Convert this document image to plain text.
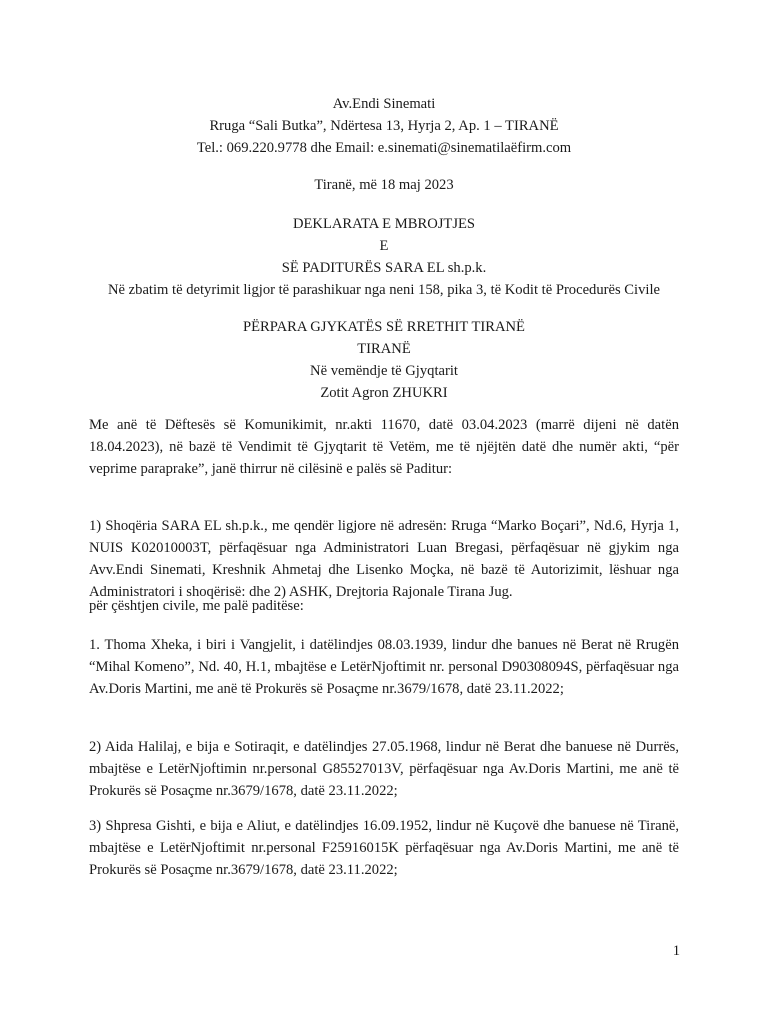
Av.Endi Sinemati
Rruga “Sali Butka”, Ndërtesa 13, Hyrja 2, Ap. 1 – TIRANË
Tel.: 069.220.9778 dhe Email: e.sinemati@sinematilaëfirm.com
Tiranë, më 18 maj 2023
DEKLARATA E MBROJTJES
E
SË PADITURËS SARA EL sh.p.k.
Në zbatim të detyrimit ligjor të parashikuar nga neni 158, pika 3, të Kodit të Procedurës Civile
PËRPARA GJYKATËS SË RRETHIT TIRANË
TIRANË
Në vemëndje të Gjyqtarit
Zotit Agron ZHUKRI
Me anë të Dëftesës së Komunikimit, nr.akti 11670, datë 03.04.2023 (marrë dijeni në datën 18.04.2023), në bazë të Vendimit të Gjyqtarit të Vetëm, me të njëjtën datë dhe numër akti, “për veprime paraprake”, janë thirrur në cilësinë e palës së Paditur:
1) Shoqëria SARA EL sh.p.k., me qendër ligjore në adresën: Rruga “Marko Boçari”, Nd.6, Hyrja 1, NUIS K02010003T, përfaqësuar nga Administratori Luan Bregasi, përfaqësuar në gjykim nga Avv.Endi Sinemati, Kreshnik Ahmetaj dhe Lisenko Moçka, në bazë të Autorizimit, lëshuar nga Administratori i shoqërisë: dhe 2) ASHK, Drejtoria Rajonale Tirana Jug.
për çështjen civile, me palë paditëse:
1. Thoma Xheka, i biri i Vangjelit, i datëlindjes 08.03.1939, lindur dhe banues në Berat në Rrugën “Mihal Komeno”, Nd. 40, H.1, mbajtëse e LetërNjoftimit nr. personal D90308094S, përfaqësuar nga Av.Doris Martini, me anë të Prokurës së Posaçme nr.3679/1678, datë 23.11.2022;
2) Aida Halilaj, e bija e Sotiraqit, e datëlindjes 27.05.1968, lindur në Berat dhe banuese në Durrës, mbajtëse e LetërNjoftimin nr.personal G85527013V, përfaqësuar nga Av.Doris Martini, me anë të Prokurës së Posaçme nr.3679/1678, datë 23.11.2022;
3) Shpresa Gishti, e bija e Aliut, e datëlindjes 16.09.1952, lindur në Kuçovë dhe banuese në Tiranë, mbajtëse e LetërNjoftimit nr.personal F25916015K përfaqësuar nga Av.Doris Martini, me anë të Prokurës së Posaçme nr.3679/1678, datë 23.11.2022;
1
